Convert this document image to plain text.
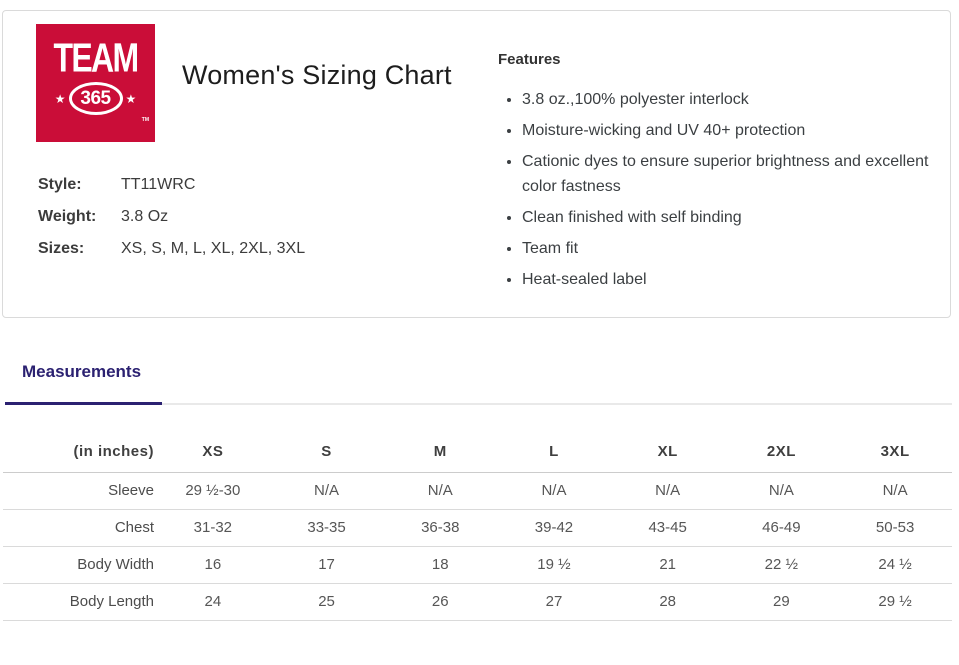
TEAM
★ 365 ★
TM
Women's Sizing Chart
Style:	TT11WRC
Weight:	3.8 Oz
Sizes:	XS, S, M, L, XL, 2XL, 3XL
Features
• 3.8 oz.,100% polyester interlock
• Moisture-wicking and UV 40+ protection
• Cationic dyes to ensure superior brightness and excellent color fastness
• Clean finished with self binding
• Team fit
• Heat-sealed label
Measurements
(in inches)	XS	S	M	L	XL	2XL	3XL
Sleeve	29 ½-30	N/A	N/A	N/A	N/A	N/A	N/A
Chest	31-32	33-35	36-38	39-42	43-45	46-49	50-53
Body Width	16	17	18	19 ½	21	22 ½	24 ½
Body Length	24	25	26	27	28	29	29 ½
